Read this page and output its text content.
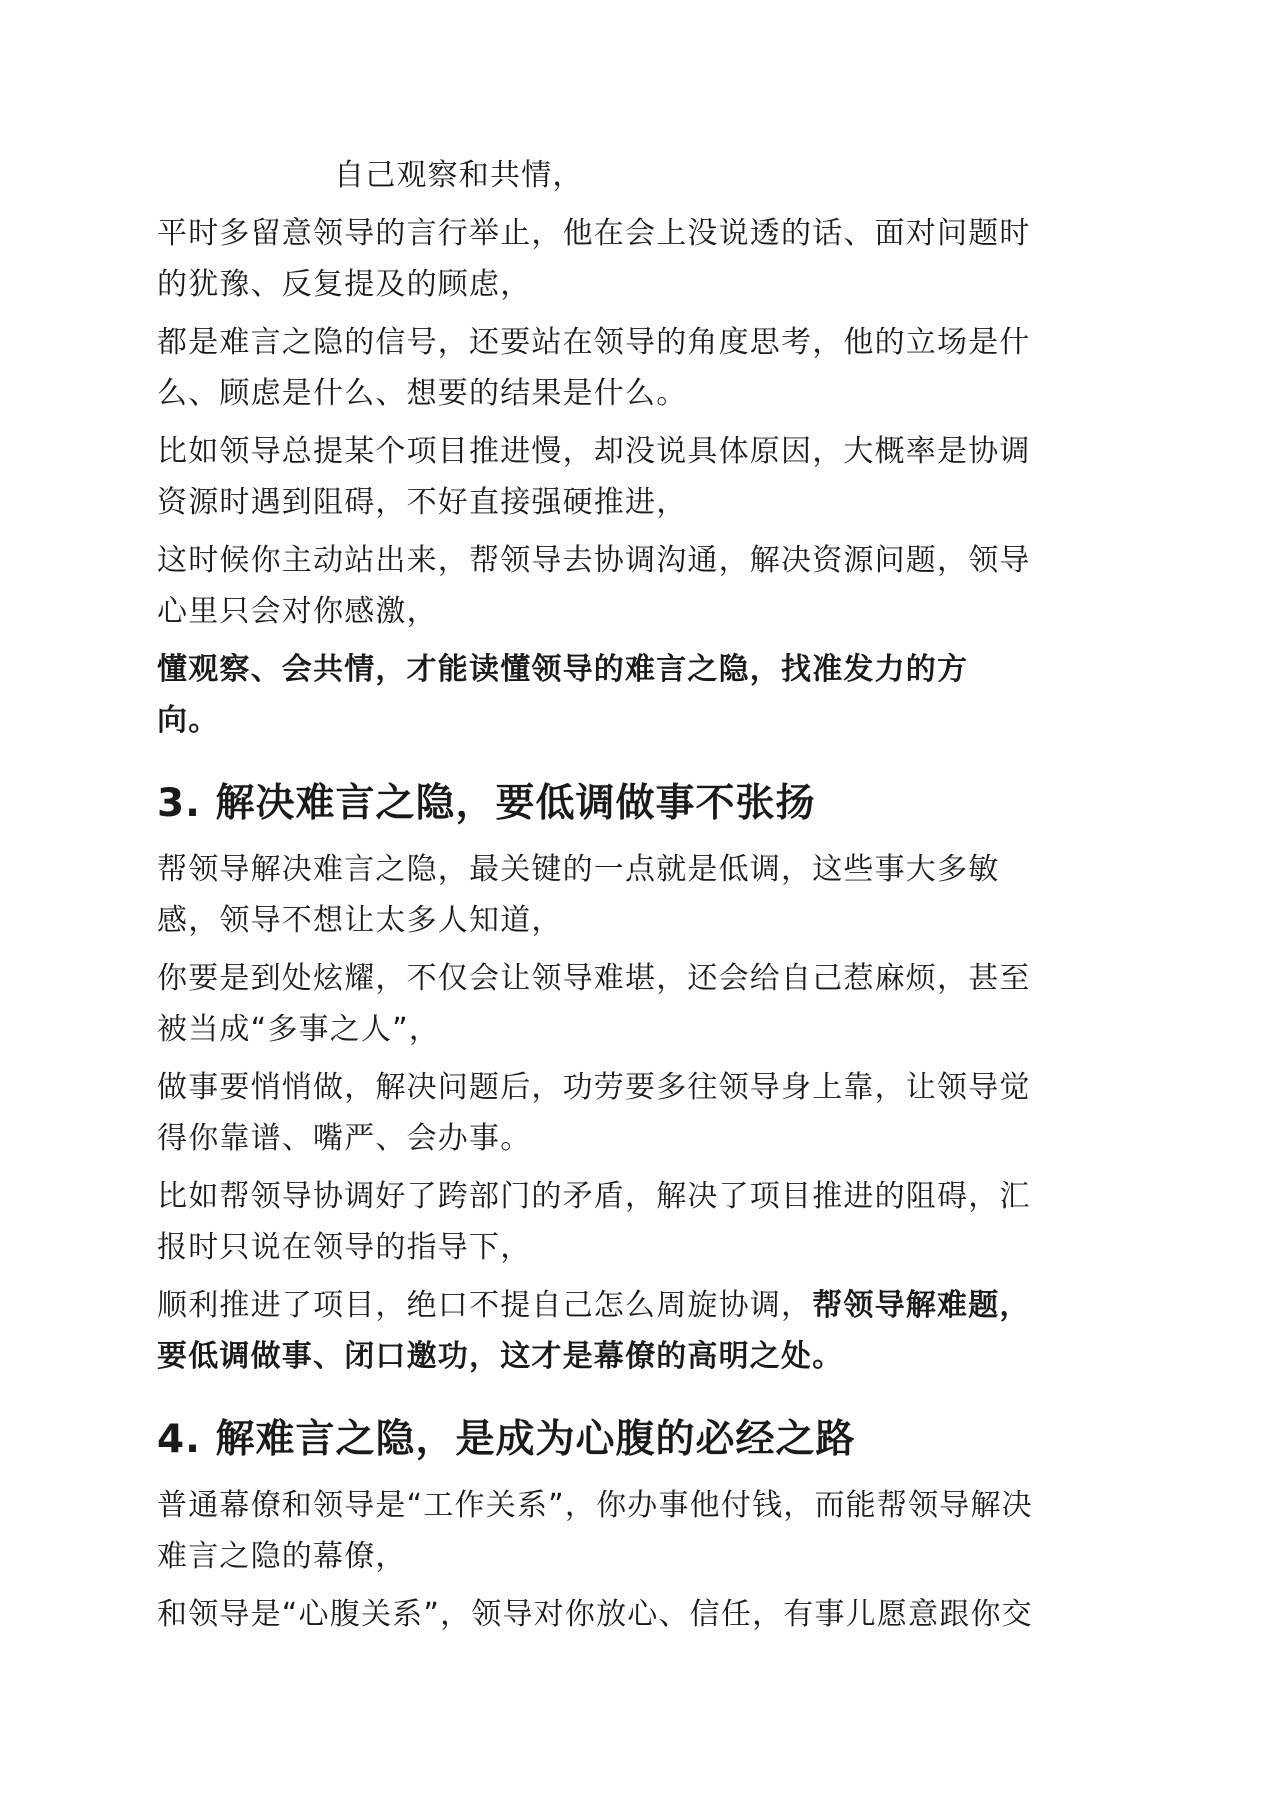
自己观察和共情，

平时多留意领导的言行举止，他在会上没说透的话、面对问题时

的犹豫、反复提及的顾虑，

都是难言之隐的信号，还要站在领导的角度思考，他的立场是什

么、顾虑是什么、想要的结果是什么。

比如领导总提某个项目推进慢，却没说具体原因，大概率是协调

资源时遇到阻碍，不好直接强硬推进，

这时候你主动站出来，帮领导去协调沟通，解决资源问题，领导

心里只会对你感激，

懂观察、会共情，才能读懂领导的难言之隐，找准发力的方

向。

3. 解决难言之隐，要低调做事不张扬

帮领导解决难言之隐，最关键的一点就是低调，这些事大多敏

感，领导不想让太多人知道，

你要是到处炫耀，不仅会让领导难堪，还会给自己惹麻烦，甚至

被当成“多事之人”，

做事要悄悄做，解决问题后，功劳要多往领导身上靠，让领导觉

得你靠谱、嘴严、会办事。

比如帮领导协调好了跨部门的矛盾，解决了项目推进的阻碍，汇

报时只说在领导的指导下，

顺利推进了项目，绝口不提自己怎么周旋协调，帮领导解难题，

要低调做事、闭口邀功，这才是幕僚的高明之处。

4. 解难言之隐，是成为心腹的必经之路

普通幕僚和领导是“工作关系”，你办事他付钱，而能帮领导解决

难言之隐的幕僚，

和领导是“心腹关系”，领导对你放心、信任，有事儿愿意跟你交
